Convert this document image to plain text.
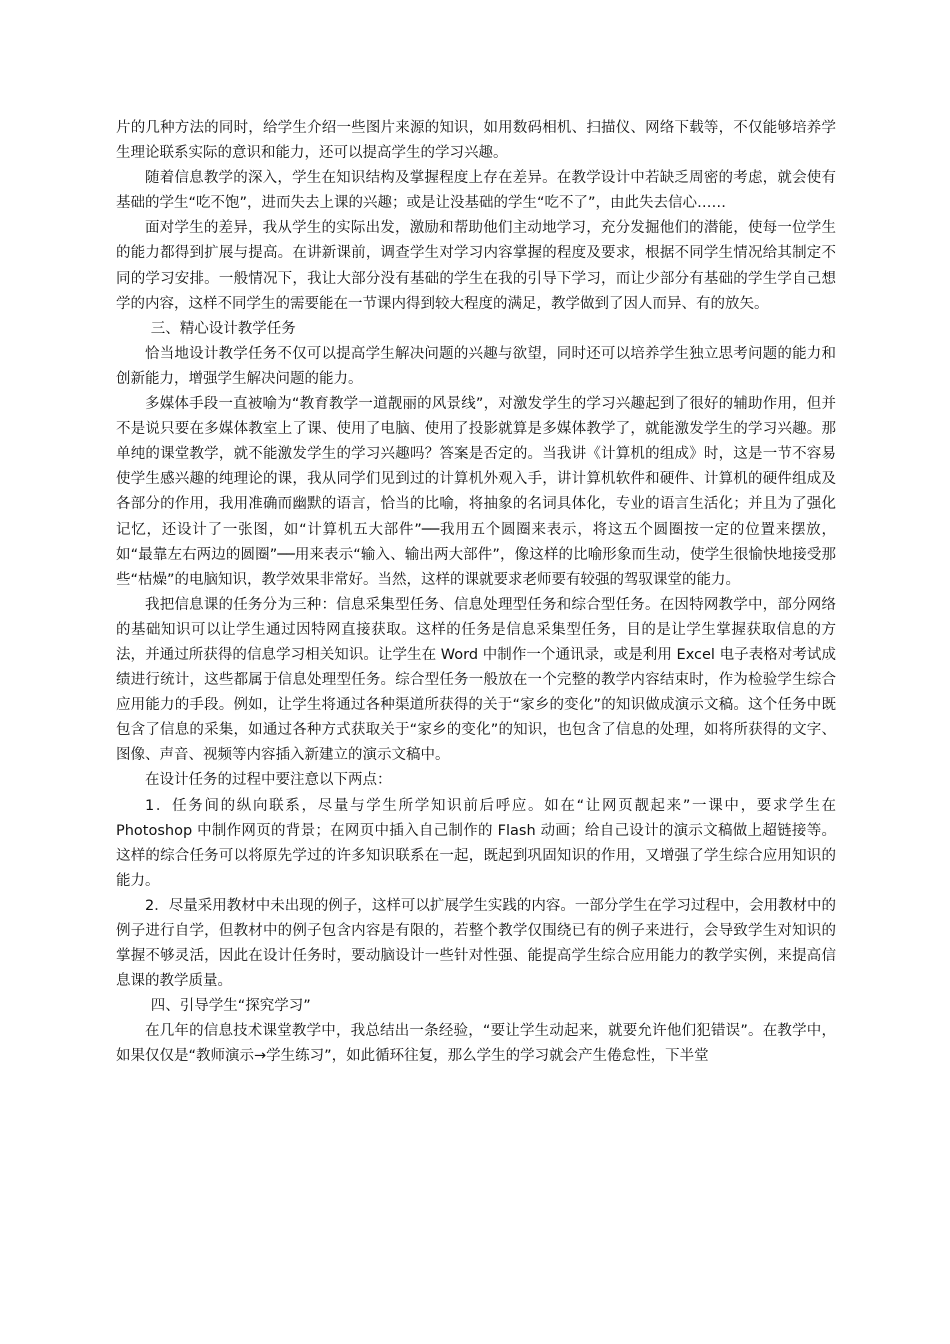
片的几种方法的同时，给学生介绍一些图片来源的知识，如用数码相机、扫描仪、网络下载等，不仅能够培养学生理论联系实际的意识和能力，还可以提高学生的学习兴趣。

随着信息教学的深入，学生在知识结构及掌握程度上存在差异。在教学设计中若缺乏周密的考虑，就会使有基础的学生“吃不饱”，进而失去上课的兴趣；或是让没基础的学生“吃不了”，由此失去信心……

面对学生的差异，我从学生的实际出发，激励和帮助他们主动地学习，充分发掘他们的潜能，使每一位学生的能力都得到扩展与提高。在讲新课前，调查学生对学习内容掌握的程度及要求，根据不同学生情况给其制定不同的学习安排。一般情况下，我让大部分没有基础的学生在我的引导下学习，而让少部分有基础的学生学自己想学的内容，这样不同学生的需要能在一节课内得到较大程度的满足，教学做到了因人而异、有的放矢。

三、精心设计教学任务

恰当地设计教学任务不仅可以提高学生解决问题的兴趣与欲望，同时还可以培养学生独立思考问题的能力和创新能力，增强学生解决问题的能力。

多媒体手段一直被喻为“教育教学一道靓丽的风景线”，对激发学生的学习兴趣起到了很好的辅助作用，但并不是说只要在多媒体教室上了课、使用了电脑、使用了投影就算是多媒体教学了，就能激发学生的学习兴趣。那单纯的课堂教学，就不能激发学生的学习兴趣吗？答案是否定的。当我讲《计算机的组成》时，这是一节不容易使学生感兴趣的纯理论的课，我从同学们见到过的计算机外观入手，讲计算机软件和硬件、计算机的硬件组成及各部分的作用，我用准确而幽默的语言，恰当的比喻，将抽象的名词具体化，专业的语言生活化；并且为了强化记忆，还设计了一张图，如“计算机五大部件”──我用五个圆圈来表示，将这五个圆圈按一定的位置来摆放，如“最靠左右两边的圆圈”──用来表示“输入、输出两大部件”，像这样的比喻形象而生动，使学生很愉快地接受那些“枯燥”的电脑知识，教学效果非常好。当然，这样的课就要求老师要有较强的驾驭课堂的能力。

我把信息课的任务分为三种：信息采集型任务、信息处理型任务和综合型任务。在因特网教学中，部分网络的基础知识可以让学生通过因特网直接获取。这样的任务是信息采集型任务，目的是让学生掌握获取信息的方法，并通过所获得的信息学习相关知识。让学生在 Word 中制作一个通讯录，或是利用 Excel 电子表格对考试成绩进行统计，这些都属于信息处理型任务。综合型任务一般放在一个完整的教学内容结束时，作为检验学生综合应用能力的手段。例如，让学生将通过各种渠道所获得的关于“家乡的变化”的知识做成演示文稿。这个任务中既包含了信息的采集，如通过各种方式获取关于“家乡的变化”的知识，也包含了信息的处理，如将所获得的文字、图像、声音、视频等内容插入新建立的演示文稿中。

在设计任务的过程中要注意以下两点：

1．任务间的纵向联系，尽量与学生所学知识前后呼应。如在“让网页靓起来”一课中，要求学生在 Photoshop 中制作网页的背景；在网页中插入自己制作的 Flash 动画；给自己设计的演示文稿做上超链接等。这样的综合任务可以将原先学过的许多知识联系在一起，既起到巩固知识的作用，又增强了学生综合应用知识的能力。

2．尽量采用教材中未出现的例子，这样可以扩展学生实践的内容。一部分学生在学习过程中，会用教材中的例子进行自学，但教材中的例子包含内容是有限的，若整个教学仅围绕已有的例子来进行，会导致学生对知识的掌握不够灵活，因此在设计任务时，要动脑设计一些针对性强、能提高学生综合应用能力的教学实例，来提高信息课的教学质量。

四、引导学生“探究学习”

在几年的信息技术课堂教学中，我总结出一条经验，“要让学生动起来，就要允许他们犯错误”。在教学中，如果仅仅是“教师演示→学生练习”，如此循环往复，那么学生的学习就会产生倦怠性，下半堂
